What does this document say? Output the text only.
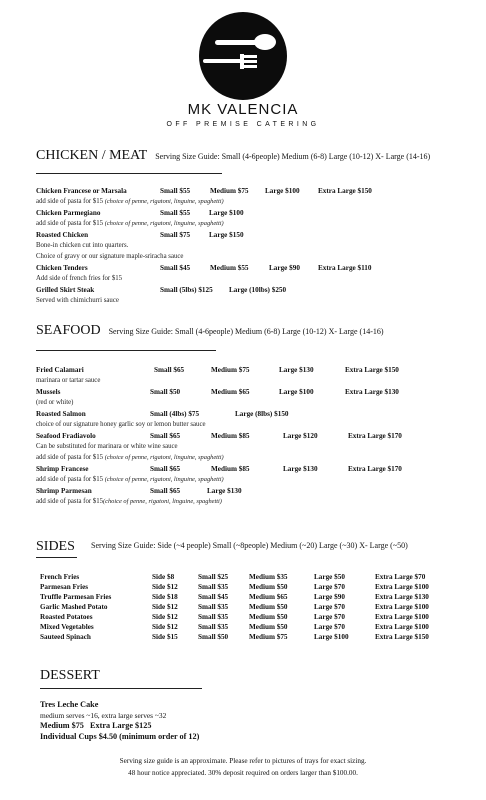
MK VALENCIA
OFF PREMISE CATERING
CHICKEN / MEAT Serving Size Guide: Small (4-6people) Medium (6-8) Large (10-12) X- Large (14-16)
Chicken Francese or Marsala	Small $55	Medium $75 Large $100	Extra Large $150
add side of pasta for $15 (choice of penne, rigatoni, linguine, spaghetti)
Chicken Parmegiano	Small $55	Large $100
add side of pasta for $15 (choice of penne, rigatoni, linguine, spaghetti)
Roasted Chicken	Small $75	Large $150
Bone-in chicken cut into quarters.
Choice of gravy or our signature maple-sriracha sauce
Chicken Tenders	Small $45	Medium $55	Large $90	Extra Large $110
Add side of french fries for $15
Grilled Skirt Steak	Small (5lbs) $125 Large (10lbs) $250
Served with chimichurri sauce
SEAFOOD Serving Size Guide: Small (4-6people) Medium (6-8) Large (10-12) X- Large (14-16)
Fried Calamari	Small $65	Medium $75	Large $130	Extra Large $150
marinara or tartar sauce
Mussels	Small $50	Medium $65	Large $100	Extra Large $130
(red or white)
Roasted Salmon	Small (4lbs) $75	Large (8lbs) $150
choice of our signature honey garlic soy or lemon butter sauce
Seafood Fradiavolo	Small $65	Medium $85	Large $120	Extra Large $170
Can be substituted for marinara or white wine sauce
add side of pasta for $15 (choice of penne, rigatoni, linguine, spaghetti)
Shrimp Francese	Small $65	Medium $85	Large $130	Extra Large $170
add side of pasta for $15 (choice of penne, rigatoni, linguine, spaghetti)
Shrimp Parmesan	Small $65	Large $130
add side of pasta for $15(choice of penne, rigatoni, linguine, spaghetti)
SIDES Serving Size Guide: Side (~4 people) Small (~8people) Medium (~20) Large (~30) X- Large (~50)
French Fries	Side $8	Small $25	Medium $35	Large $50	Extra Large $70
Parmesan Fries	Side $12	Small $35	Medium $50	Large $70	Extra Large $100
Truffle Parmesan Fries	Side $18	Small $45	Medium $65	Large $90	Extra Large $130
Garlic Mashed Potato	Side $12	Small $35	Medium $50	Large $70	Extra Large $100
Roasted Potatoes	Side $12	Small $35	Medium $50	Large $70	Extra Large $100
Mixed Vegetables	Side $12	Small $35	Medium $50	Large $70	Extra Large $100
Sauteed Spinach	Side $15	Small $50	Medium $75	Large $100	Extra Large $150
DESSERT
Tres Leche Cake
medium serves ~16, extra large serves ~32
Medium $75   Extra Large $125
Individual Cups $4.50 (minimum order of 12)
Serving size guide is an approximate. Please refer to pictures of trays for exact sizing.
48 hour notice appreciated. 30% deposit required on orders larger than $100.00.
